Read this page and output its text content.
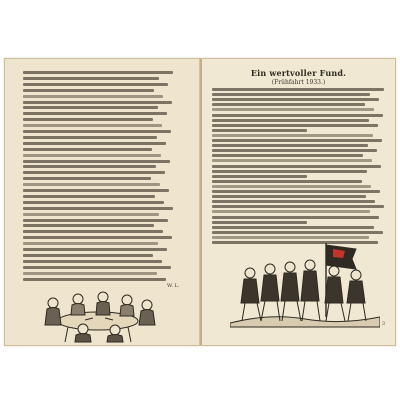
W. L.
Ein wertvoller Fund.
(Frühfahrt 1933.)
3
